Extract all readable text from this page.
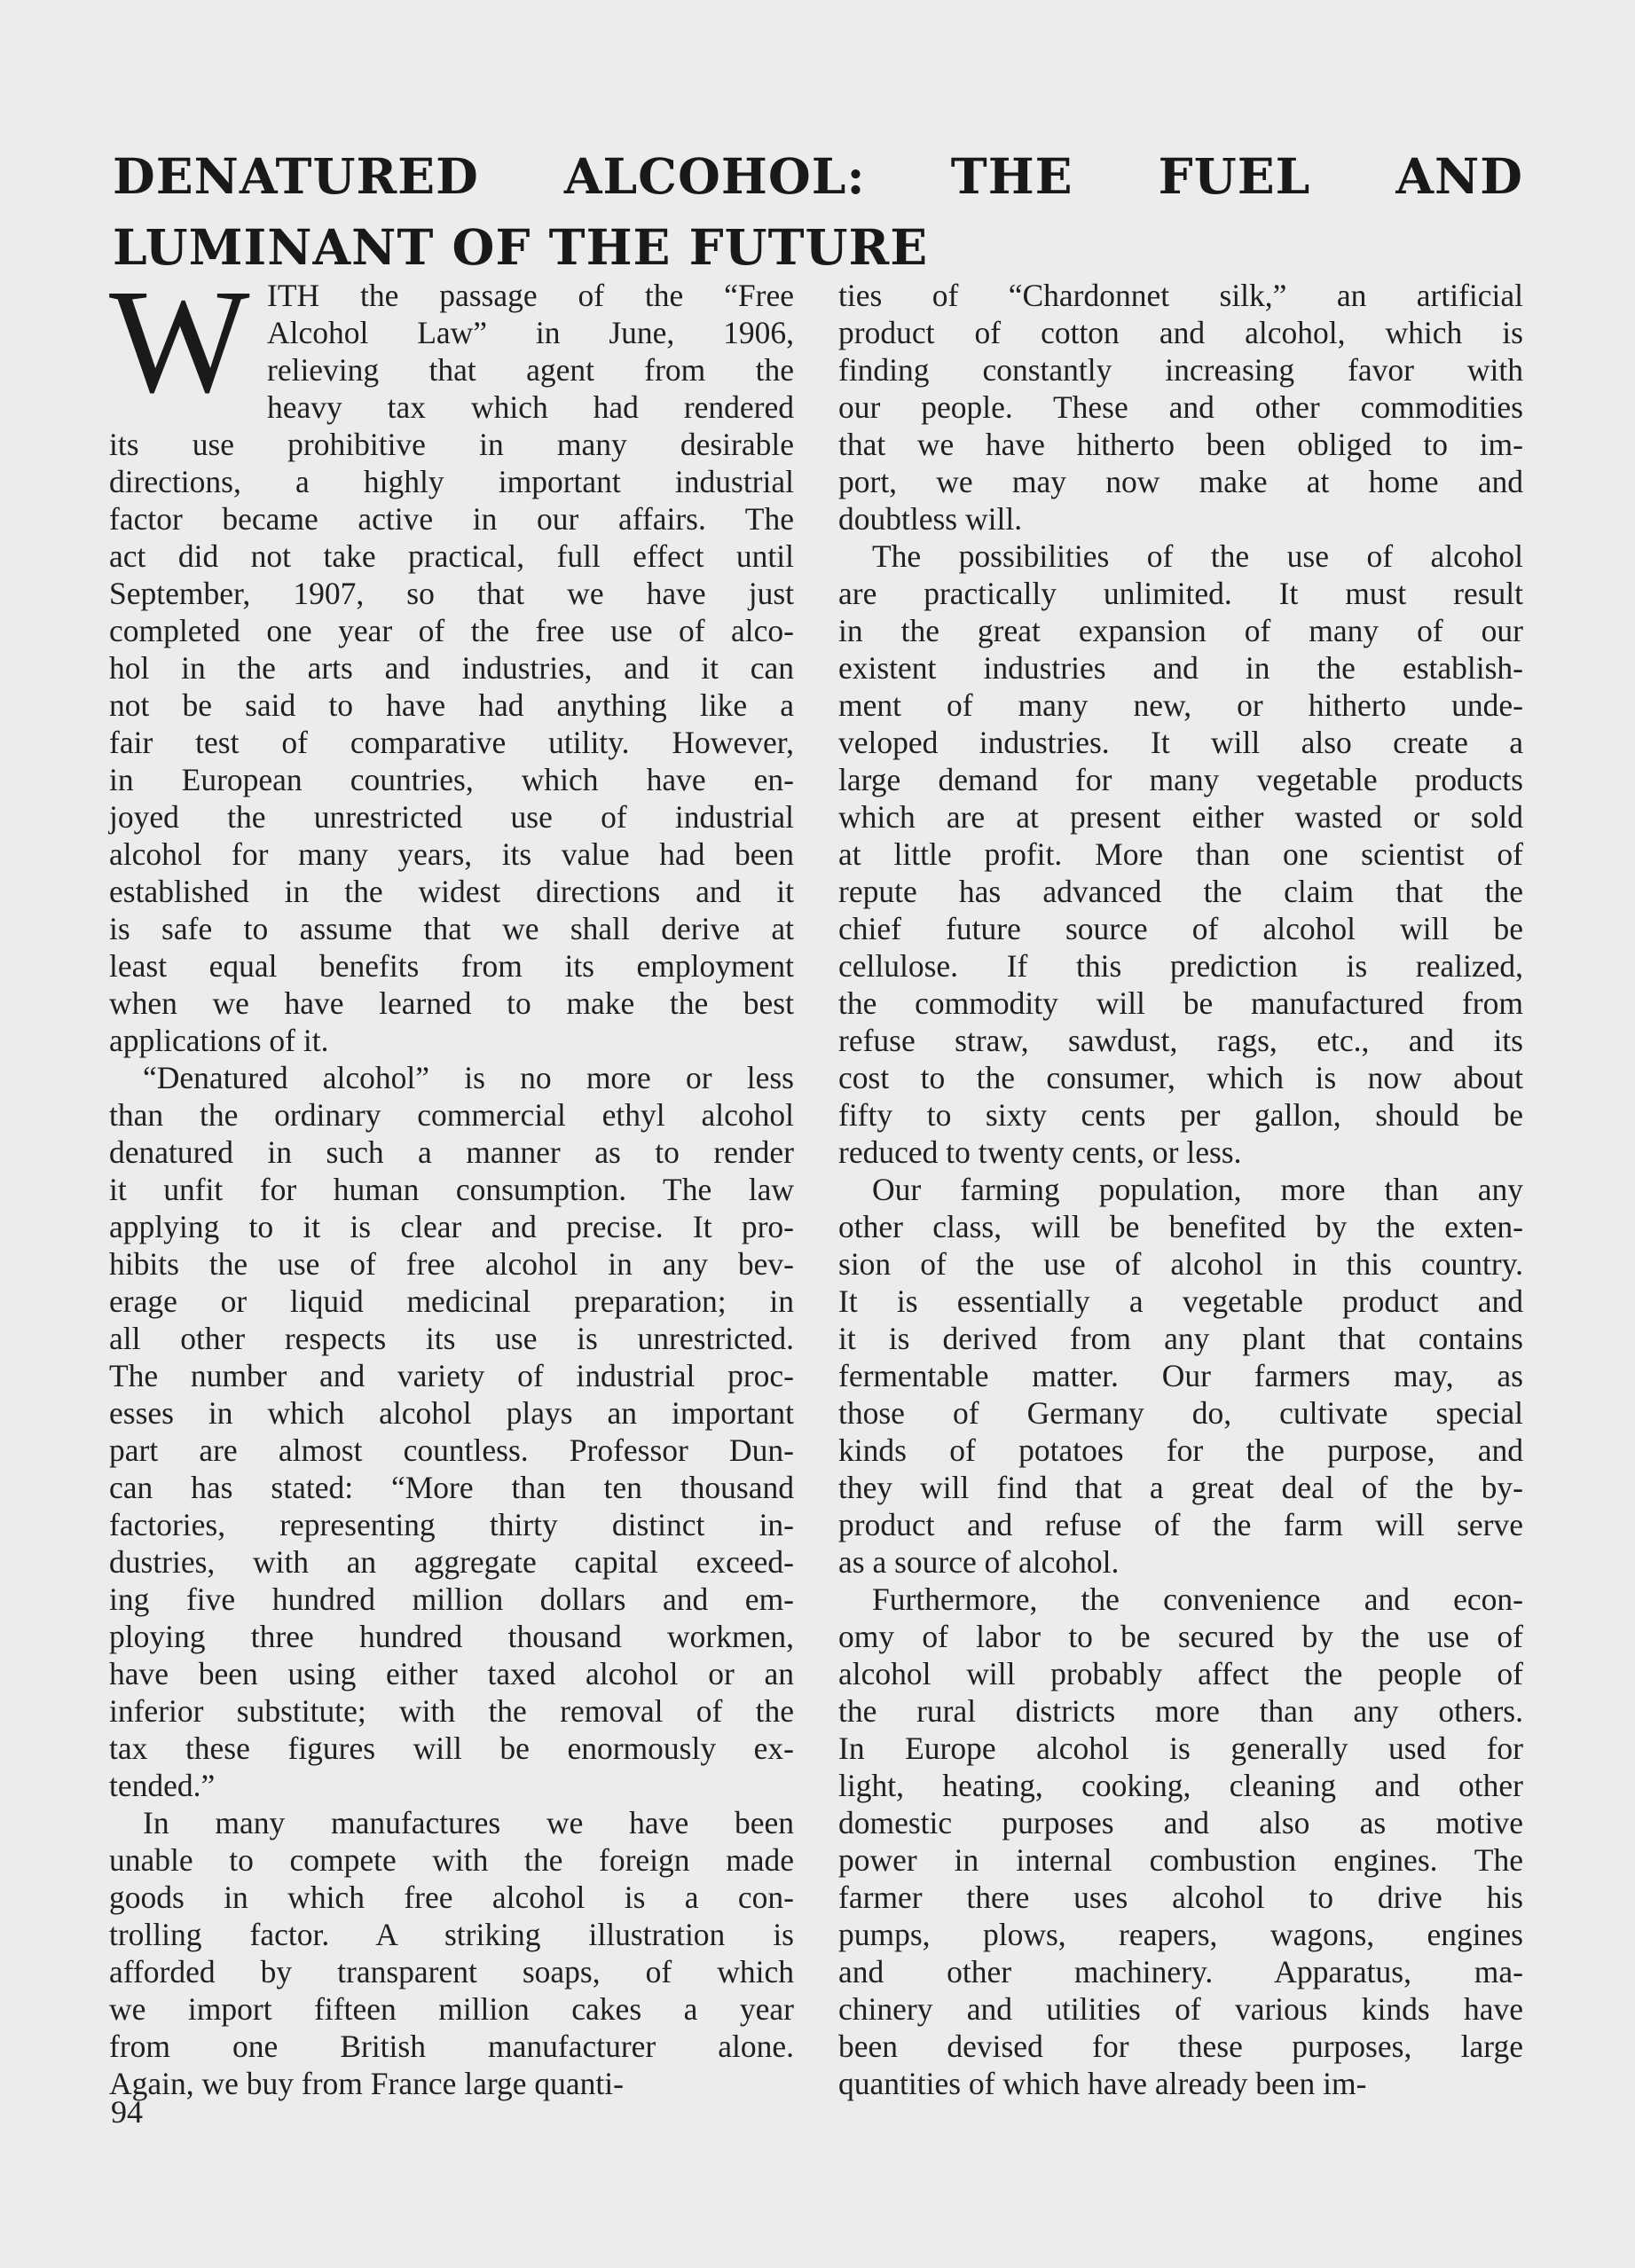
DENATURED ALCOHOL: THE FUEL AND
LUMINANT OF THE FUTURE
W ITH the passage of the “Free
Alcohol Law” in June, 1906,
relieving that agent from the
heavy tax which had rendered
its use prohibitive in many desirable
directions, a highly important industrial
factor became active in our affairs. The
act did not take practical, full effect until
September, 1907, so that we have just
completed one year of the free use of alco-
hol in the arts and industries, and it can
not be said to have had anything like a
fair test of comparative utility. However,
in European countries, which have en-
joyed the unrestricted use of industrial
alcohol for many years, its value had been
established in the widest directions and it
is safe to assume that we shall derive at
least equal benefits from its employment
when we have learned to make the best
applications of it.
“Denatured alcohol” is no more or less
than the ordinary commercial ethyl alcohol
denatured in such a manner as to render
it unfit for human consumption. The law
applying to it is clear and precise. It pro-
hibits the use of free alcohol in any bev-
erage or liquid medicinal preparation; in
all other respects its use is unrestricted.
The number and variety of industrial proc-
esses in which alcohol plays an important
part are almost countless. Professor Dun-
can has stated: “More than ten thousand
factories, representing thirty distinct in-
dustries, with an aggregate capital exceed-
ing five hundred million dollars and em-
ploying three hundred thousand workmen,
have been using either taxed alcohol or an
inferior substitute; with the removal of the
tax these figures will be enormously ex-
tended.”
In many manufactures we have been
unable to compete with the foreign made
goods in which free alcohol is a con-
trolling factor. A striking illustration is
afforded by transparent soaps, of which
we import fifteen million cakes a year
from one British manufacturer alone.
Again, we buy from France large quanti-
ties of “Chardonnet silk,” an artificial
product of cotton and alcohol, which is
finding constantly increasing favor with
our people. These and other commodities
that we have hitherto been obliged to im-
port, we may now make at home and
doubtless will.
The possibilities of the use of alcohol
are practically unlimited. It must result
in the great expansion of many of our
existent industries and in the establish-
ment of many new, or hitherto unde-
veloped industries. It will also create a
large demand for many vegetable products
which are at present either wasted or sold
at little profit. More than one scientist of
repute has advanced the claim that the
chief future source of alcohol will be
cellulose. If this prediction is realized,
the commodity will be manufactured from
refuse straw, sawdust, rags, etc., and its
cost to the consumer, which is now about
fifty to sixty cents per gallon, should be
reduced to twenty cents, or less.
Our farming population, more than any
other class, will be benefited by the exten-
sion of the use of alcohol in this country.
It is essentially a vegetable product and
it is derived from any plant that contains
fermentable matter. Our farmers may, as
those of Germany do, cultivate special
kinds of potatoes for the purpose, and
they will find that a great deal of the by-
product and refuse of the farm will serve
as a source of alcohol.
Furthermore, the convenience and econ-
omy of labor to be secured by the use of
alcohol will probably affect the people of
the rural districts more than any others.
In Europe alcohol is generally used for
light, heating, cooking, cleaning and other
domestic purposes and also as motive
power in internal combustion engines. The
farmer there uses alcohol to drive his
pumps, plows, reapers, wagons, engines
and other machinery. Apparatus, ma-
chinery and utilities of various kinds have
been devised for these purposes, large
quantities of which have already been im-
94
